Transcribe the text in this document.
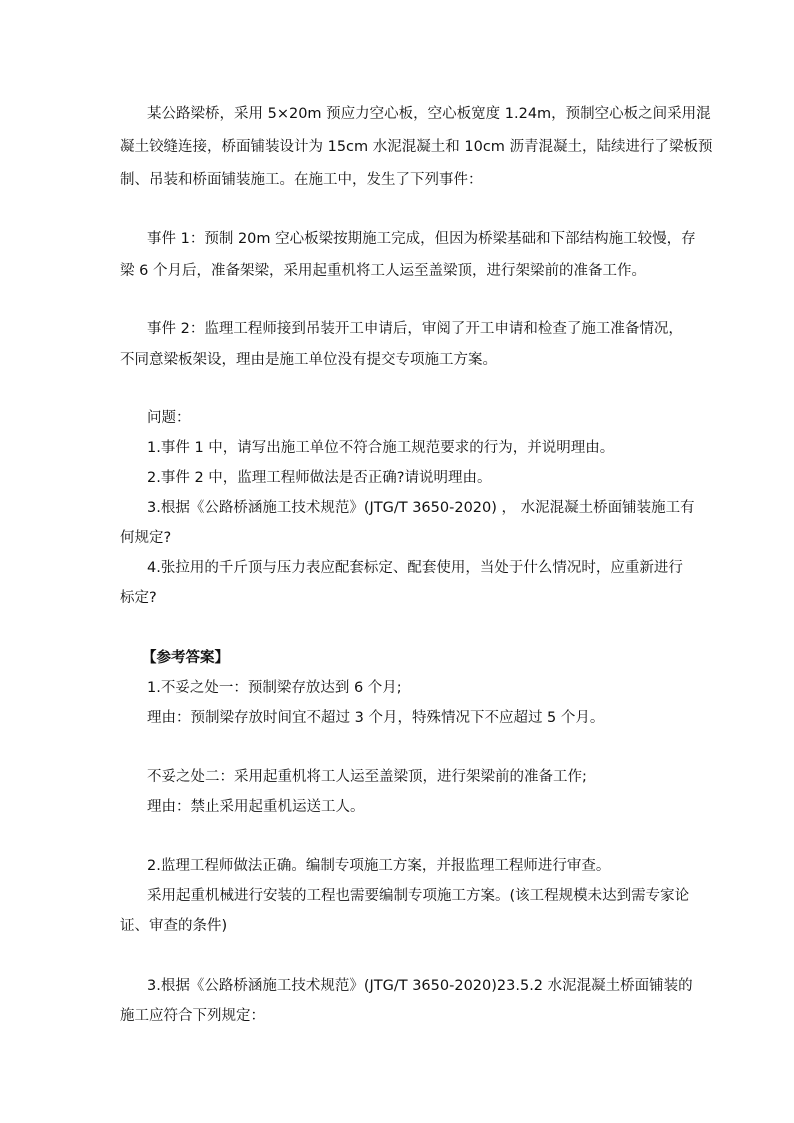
某公路梁桥，采用 5×20m 预应力空心板，空心板宽度 1.24m，预制空心板之间采用混
凝土铰缝连接，桥面铺装设计为 15cm 水泥混凝土和 10cm 沥青混凝土，陆续进行了梁板预
制、吊装和桥面铺装施工。在施工中，发生了下列事件：
事件 1：预制 20m 空心板梁按期施工完成，但因为桥梁基础和下部结构施工较慢，存
梁 6 个月后，准备架梁，采用起重机将工人运至盖梁顶，进行架梁前的准备工作。
事件 2：监理工程师接到吊装开工申请后，审阅了开工申请和检查了施工准备情况，
不同意梁板架设，理由是施工单位没有提交专项施工方案。
问题：
1.事件 1 中，请写出施工单位不符合施工规范要求的行为，并说明理由。
2.事件 2 中，监理工程师做法是否正确?请说明理由。
3.根据《公路桥涵施工技术规范》(JTG/T 3650-2020) ， 水泥混凝土桥面铺装施工有
何规定?
4.张拉用的千斤顶与压力表应配套标定、配套使用，当处于什么情况时，应重新进行
标定?
【参考答案】
1.不妥之处一：预制梁存放达到 6 个月;
理由：预制梁存放时间宜不超过 3 个月，特殊情况下不应超过 5 个月。
不妥之处二：采用起重机将工人运至盖梁顶，进行架梁前的准备工作;
理由：禁止采用起重机运送工人。
2.监理工程师做法正确。编制专项施工方案，并报监理工程师进行审查。
采用起重机械进行安装的工程也需要编制专项施工方案。(该工程规模未达到需专家论
证、审查的条件)
3.根据《公路桥涵施工技术规范》(JTG/T 3650-2020)23.5.2 水泥混凝土桥面铺装的
施工应符合下列规定：
